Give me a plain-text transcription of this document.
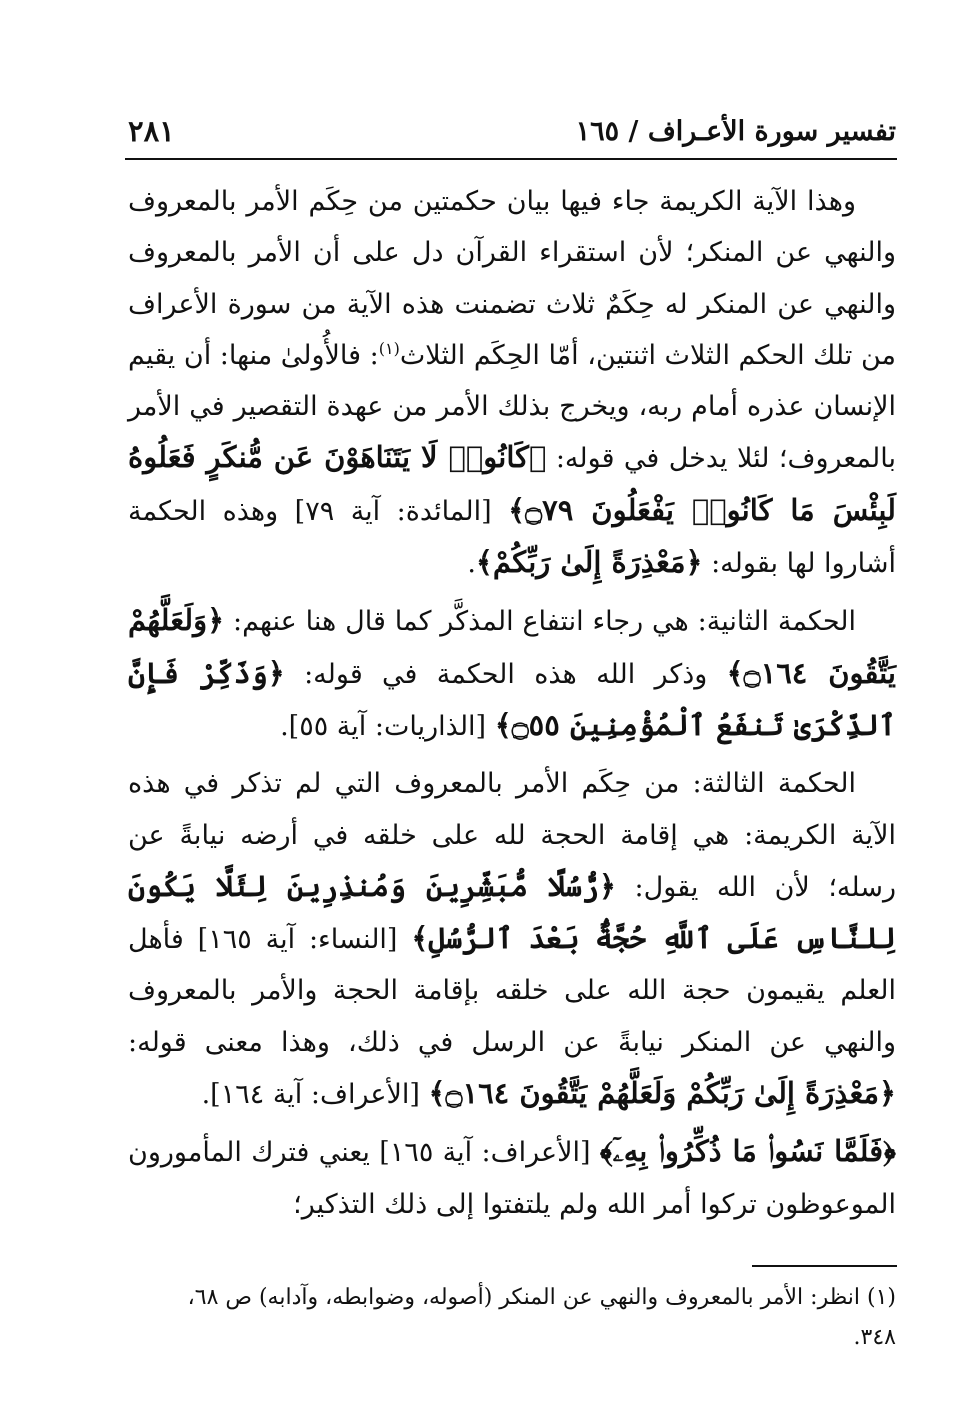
تفسير سورة الأعـراف / ١٦٥
٢٨١

وهذا الآية الكريمة جاء فيها بيان حكمتين من حِكَم الأمر بالمعروف والنهي عن المنكر؛ لأن استقراء القرآن دل على أن الأمر بالمعروف والنهي عن المنكر له حِكَمٌ ثلاث تضمنت هذه الآية من سورة الأعراف من تلك الحكم الثلاث اثنتين، أمّا الحِكَم الثلاث$^{(١)}$: فالأُولىٰ منها: أن يقيم الإنسان عذره أمام ربه، ويخرج بذلك الأمر من عهدة التقصير في الأمر بالمعروف؛ لئلا يدخل في قوله: ﴿كَانُوا۟ لَا يَتَنَاهَوْنَ عَن مُّنكَرٍ فَعَلُوهُ لَبِئْسَ مَا كَانُوا۟ يَفْعَلُونَ ۝٧٩﴾ [المائدة: آية ٧٩] وهذه الحكمة أشاروا لها بقوله: ﴿مَعْذِرَةً إِلَىٰ رَبِّكُمْ﴾.

الحكمة الثانية: هي رجاء انتفاع المذكَّر كما قال هنا عنهم: ﴿وَلَعَلَّهُمْ يَتَّقُونَ ۝١٦٤﴾ وذكر الله هذه الحكمة في قوله: ﴿وَذَكِّرْ فَإِنَّ ٱلذِّكْرَىٰ تَنفَعُ ٱلْمُؤْمِنِينَ ۝٥٥﴾ [الذاريات: آية ٥٥].

الحكمة الثالثة: من حِكَم الأمر بالمعروف التي لم تذكر في هذه الآية الكريمة: هي إقامة الحجة لله على خلقه في أرضه نيابةً عن رسله؛ لأن الله يقول: ﴿رُّسُلًا مُّبَشِّرِينَ وَمُنذِرِينَ لِئَلَّا يَكُونَ لِلنَّاسِ عَلَى ٱللَّهِ حُجَّةٌۢ بَعْدَ ٱلرُّسُلِ﴾ [النساء: آية ١٦٥] فأهل العلم يقيمون حجة الله على خلقه بإقامة الحجة والأمر بالمعروف والنهي عن المنكر نيابةً عن الرسل في ذلك، وهذا معنى قوله: ﴿مَعْذِرَةً إِلَىٰ رَبِّكُمْ وَلَعَلَّهُمْ يَتَّقُونَ ۝١٦٤﴾ [الأعراف: آية ١٦٤].

﴿فَلَمَّا نَسُوا۟ مَا ذُكِّرُوا۟ بِهِۦٓ﴾ [الأعراف: آية ١٦٥] يعني فترك المأمورون الموعوظون تركوا أمر الله ولم يلتفتوا إلى ذلك التذكير؛

(١) انظر: الأمر بالمعروف والنهي عن المنكر (أصوله، وضوابطه، وآدابه) ص ٦٨،

٣٤٨.
